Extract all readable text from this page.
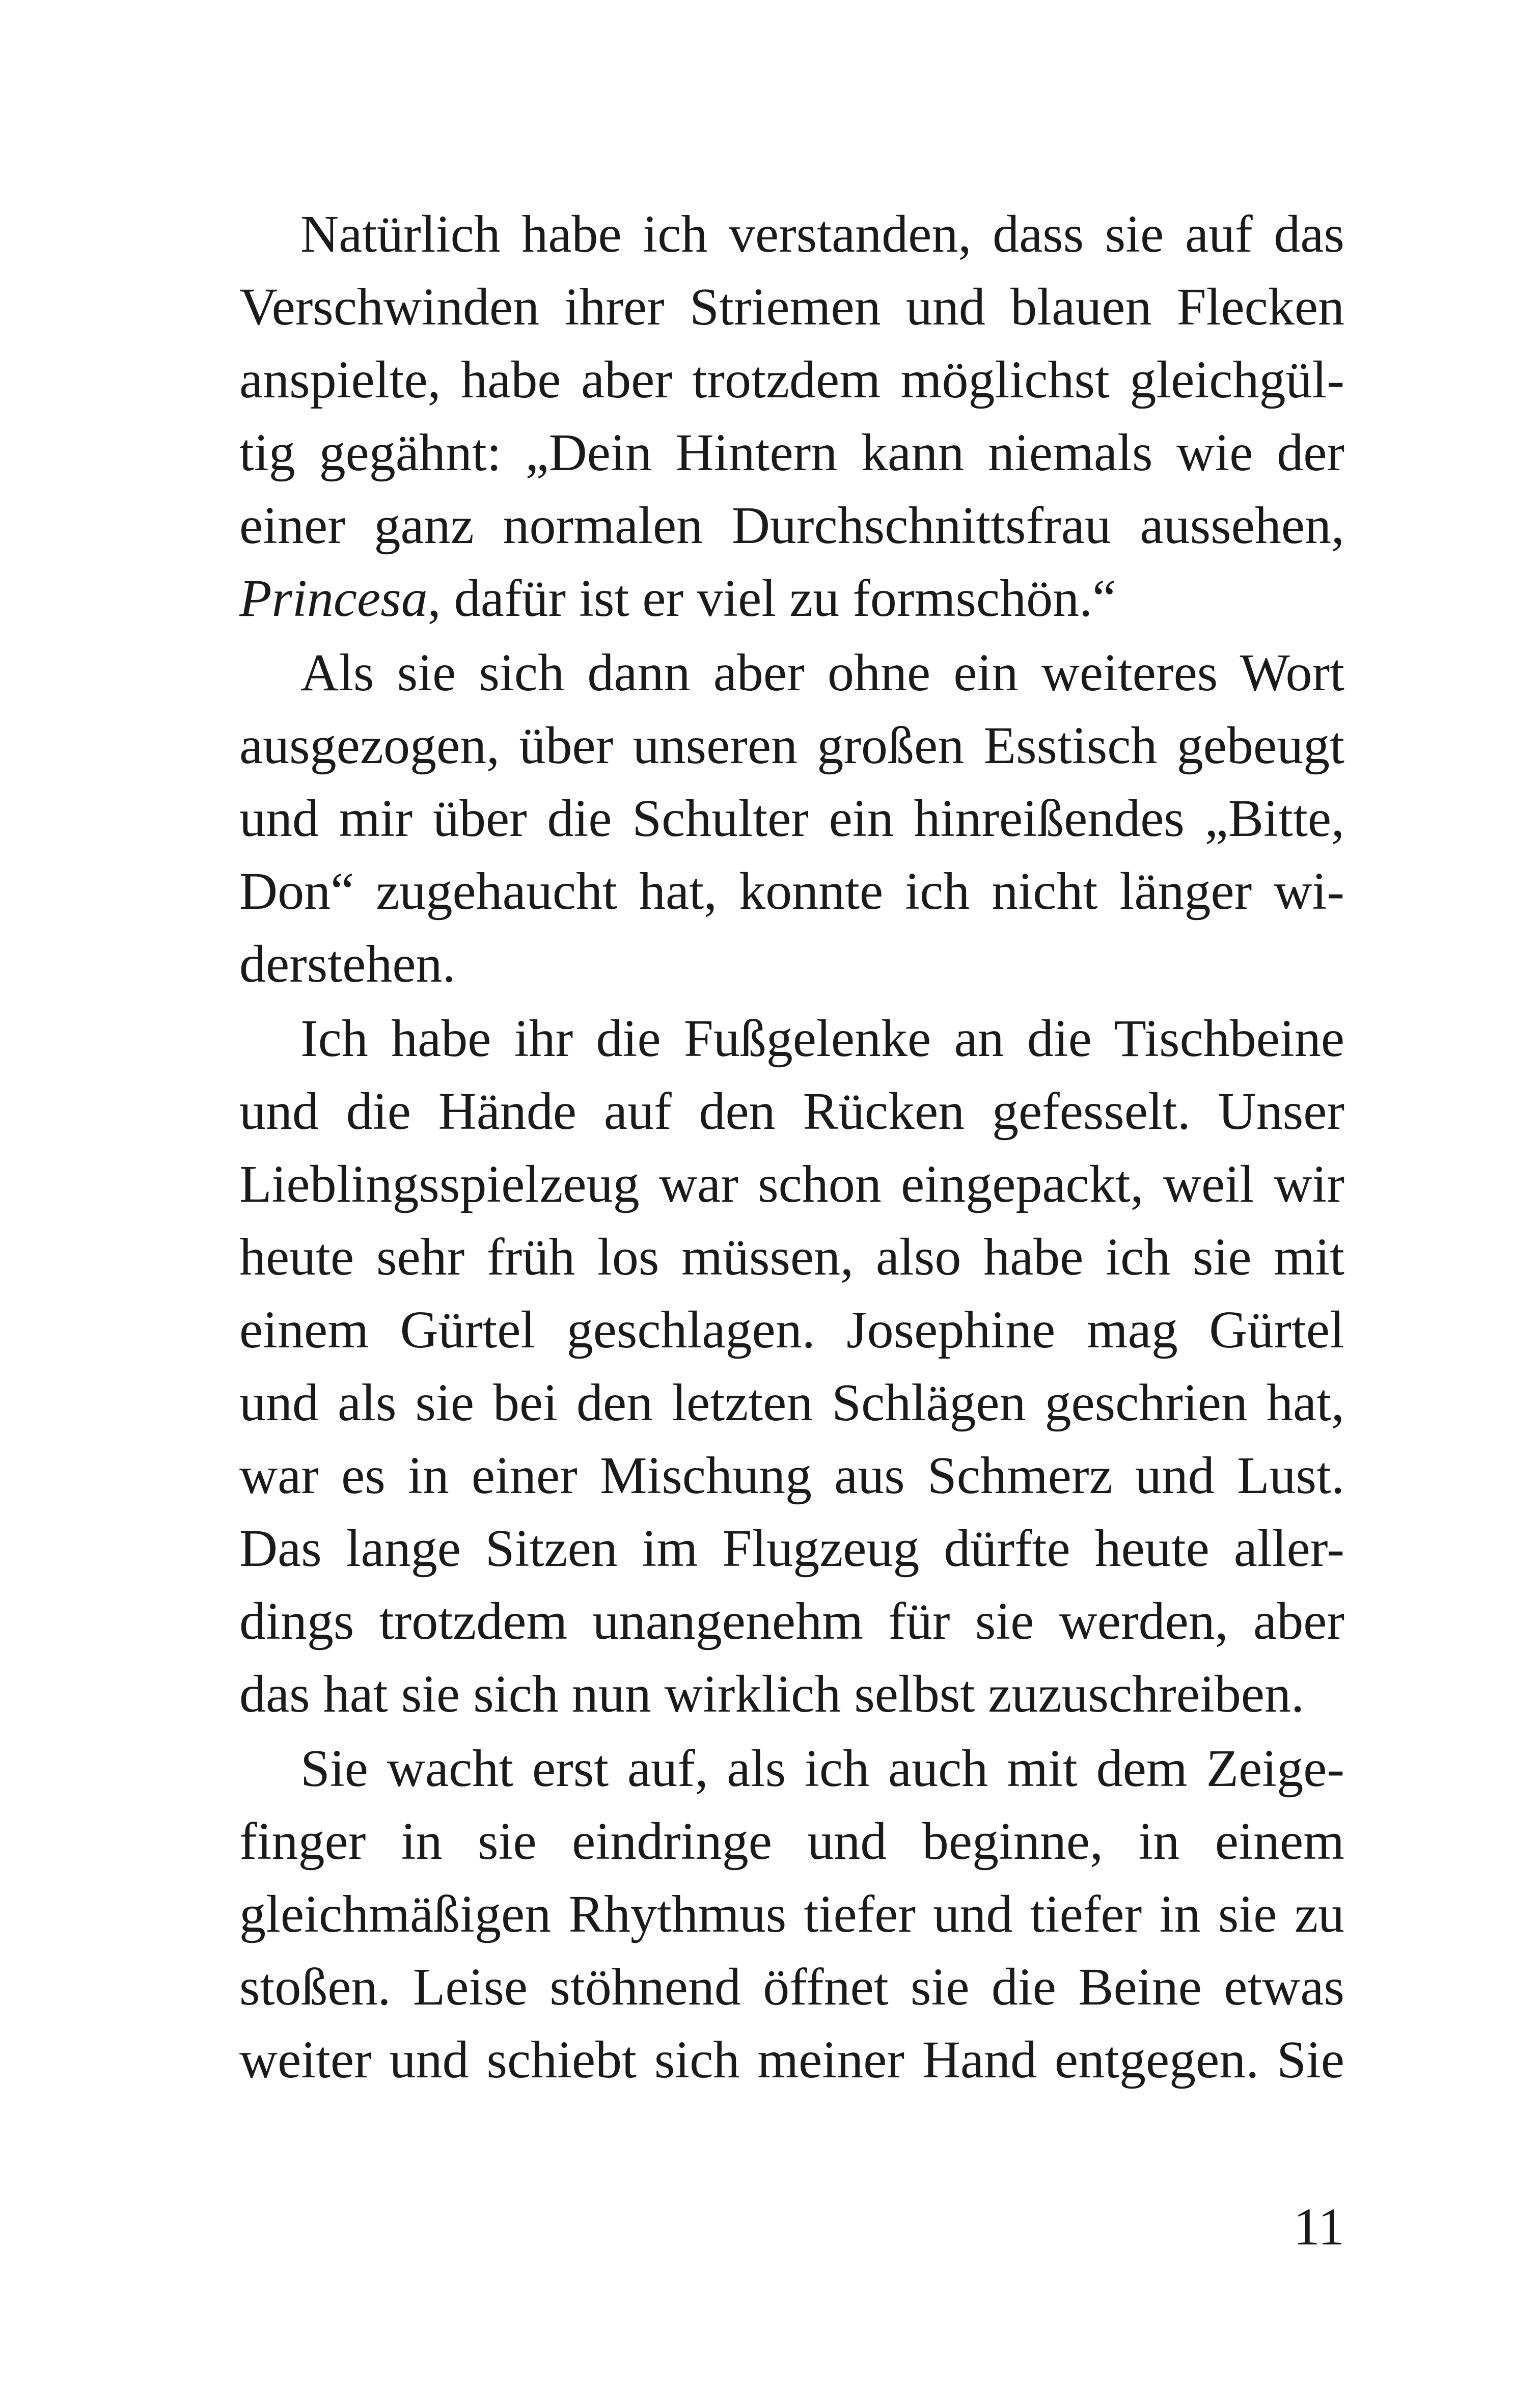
Natürlich habe ich verstanden, dass sie auf das
Verschwinden ihrer Striemen und blauen Flecken
anspielte, habe aber trotzdem möglichst gleichgül-
tig gegähnt: „Dein Hintern kann niemals wie der
einer ganz normalen Durchschnittsfrau aussehen,
Princesa, dafür ist er viel zu formschön.“
Als sie sich dann aber ohne ein weiteres Wort
ausgezogen, über unseren großen Esstisch gebeugt
und mir über die Schulter ein hinreißendes „Bitte,
Don“ zugehaucht hat, konnte ich nicht länger wi-
derstehen.
Ich habe ihr die Fußgelenke an die Tischbeine
und die Hände auf den Rücken gefesselt. Unser
Lieblingsspielzeug war schon eingepackt, weil wir
heute sehr früh los müssen, also habe ich sie mit
einem Gürtel geschlagen. Josephine mag Gürtel
und als sie bei den letzten Schlägen geschrien hat,
war es in einer Mischung aus Schmerz und Lust.
Das lange Sitzen im Flugzeug dürfte heute aller-
dings trotzdem unangenehm für sie werden, aber
das hat sie sich nun wirklich selbst zuzuschreiben.
Sie wacht erst auf, als ich auch mit dem Zeige-
finger in sie eindringe und beginne, in einem
gleichmäßigen Rhythmus tiefer und tiefer in sie zu
stoßen. Leise stöhnend öffnet sie die Beine etwas
weiter und schiebt sich meiner Hand entgegen. Sie
11
